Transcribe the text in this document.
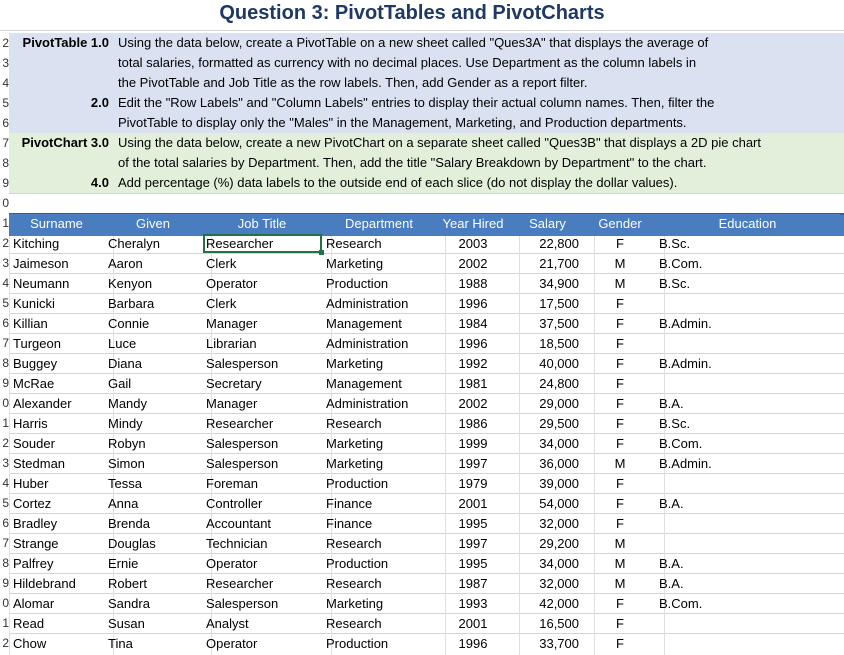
Question 3: PivotTables and PivotCharts
PivotTable 1.0 Using the data below, create a PivotTable on a new sheet called "Ques3A" that displays the average of
total salaries, formatted as currency with no decimal places. Use Department as the column labels in
the PivotTable and Job Title as the row labels. Then, add Gender as a report filter.
2.0 Edit the "Row Labels" and "Column Labels" entries to display their actual column names. Then, filter the
PivotTable to display only the "Males" in the Management, Marketing, and Production departments.
PivotChart 3.0 Using the data below, create a new PivotChart on a separate sheet called "Ques3B" that displays a 2D pie chart
of the total salaries by Department. Then, add the title "Salary Breakdown by Department" to the chart.
4.0 Add percentage (%) data labels to the outside end of each slice (do not display the dollar values).
2
3
4
5
6
7
8
9
0
1
2
3
4
5
6
7
8
9
0
1
2
3
4
5
6
7
8
9
0
1
2
Surname	Given	Job Title	Department	Year Hired	Salary	Gender	Education
Kitching	Cheralyn	Researcher	Research	2003	22,800	F	B.Sc.
Jaimeson	Aaron	Clerk	Marketing	2002	21,700	M	B.Com.
Neumann	Kenyon	Operator	Production	1988	34,900	M	B.Sc.
Kunicki	Barbara	Clerk	Administration	1996	17,500	F
Killian	Connie	Manager	Management	1984	37,500	F	B.Admin.
Turgeon	Luce	Librarian	Administration	1996	18,500	F
Buggey	Diana	Salesperson	Marketing	1992	40,000	F	B.Admin.
McRae	Gail	Secretary	Management	1981	24,800	F
Alexander	Mandy	Manager	Administration	2002	29,000	F	B.A.
Harris	Mindy	Researcher	Research	1986	29,500	F	B.Sc.
Souder	Robyn	Salesperson	Marketing	1999	34,000	F	B.Com.
Stedman	Simon	Salesperson	Marketing	1997	36,000	M	B.Admin.
Huber	Tessa	Foreman	Production	1979	39,000	F
Cortez	Anna	Controller	Finance	2001	54,000	F	B.A.
Bradley	Brenda	Accountant	Finance	1995	32,000	F
Strange	Douglas	Technician	Research	1997	29,200	M
Palfrey	Ernie	Operator	Production	1995	34,000	M	B.A.
Hildebrand	Robert	Researcher	Research	1987	32,000	M	B.A.
Alomar	Sandra	Salesperson	Marketing	1993	42,000	F	B.Com.
Read	Susan	Analyst	Research	2001	16,500	F
Chow	Tina	Operator	Production	1996	33,700	F
